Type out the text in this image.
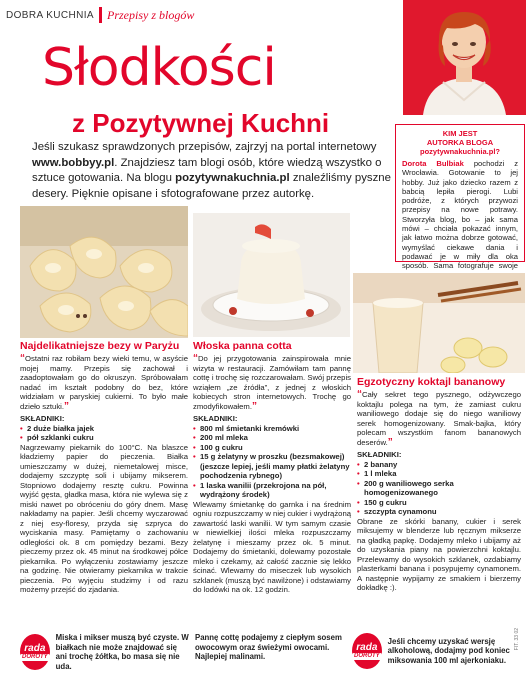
DOBRA KUCHNIA Przepisy z blogów
Słodkości
z Pozytywnej Kuchni
Jeśli szukasz sprawdzonych przepisów, zajrzyj na portal internetowy www.bobbyy.pl. Znajdziesz tam blogi osób, które wiedzą wszystko o sztuce gotowania. Na blogu pozytywnakuchnia.pl znaleźliśmy pyszne desery. Pięknie opisane i sfotografowane przez autorkę.
KIM JEST
AUTORKA BLOGA
pozytywnakuchnia.pl?
Dorota Bulbiak pochodzi z Wrocławia. Gotowanie to jej hobby. Już jako dziecko razem z babcią lepiła pierogi. Lubi podróże, z których przywozi przepisy na nowe potrawy. Stworzyła blog, bo – jak sama mówi – chciała pokazać innym, jak łatwo można dobrze gotować, wymyślać ciekawe dania i podawać je w miły dla oka sposób. Sama fotografuje swoje
Najdelikatniejsze bezy w Paryżu

“Ostatni raz robiłam bezy wieki temu, w asyście mojej mamy. Przepis się zachował i zaadoptowałam go do okruszyn. Spróbowałam nadać im kształt podobny do bez, które widziałam w paryskiej cukierni. To było małe dzieło sztuki.”

SKŁADNIKI:
• 2 duże białka jajek
• pół szklanki cukru

Nagrzewamy piekarnik do 100°C. Na blaszce kładziemy papier do pieczenia. Białka umieszczamy w dużej, niemetalowej misce, dodajemy szczyptę soli i ubijamy mikserem. Stopniowo dodajemy resztę cukru. Powinna wyjść gęsta, gładka masa, która nie wylewa się z miski nawet po obróceniu do góry dnem. Masę nakładamy na papier. Jeśli chcemy wyczarować z niej esy-floresy, przyda się szpryca do wyciskania masy. Pamiętamy o zachowaniu odległości ok. 8 cm pomiędzy bezami. Bezy pieczemy przez ok. 45 minut na środkowej półce piekarnika. Po wyłączeniu zostawiamy jeszcze na godzinę. Nie otwieramy piekarnika w trakcie pieczenia. Po wyjęciu studzimy i od razu możemy przejść do zjadania.

Włoska panna cotta

“Do jej przygotowania zainspirowała mnie wizyta w restauracji. Zamówiłam tam pannę cottę i trochę się rozczarowałam. Swój przepis wziąłem „ze źródła”, z jednej z włoskich kobiecych stron internetowych. Trochę go zmodyfikowałem.”

SKŁADNIKI:
• 800 ml śmietanki kremówki
• 200 ml mleka
• 100 g cukru
• 15 g żelatyny w proszku (bezsmakowej) (jeszcze lepiej, jeśli mamy płatki żelatyny pochodzenia rybnego)
• 1 laska wanilii (przekrojona na pół, wydrążony środek)

Wlewamy śmietankę do garnka i na średnim ogniu rozpuszczamy w niej cukier i wydrążoną zawartość laski wanilii. W tym samym czasie w niewielkiej ilości mleka rozpuszczamy żelatynę i mieszamy przez ok. 5 minut. Dodajemy do śmietanki, dolewamy pozostałe mleko i czekamy, aż całość zacznie się lekko ścinać. Wlewamy do miseczek lub wysokich szklanek (muszą być nawilżone) i odstawiamy do lodówki na ok. 12 godzin.

Egzotyczny koktajl bananowy

“Cały sekret tego pysznego, odżywczego koktajlu polega na tym, że zamiast cukru waniliowego dodaje się do niego waniliowy serek homogenizowany. Smak-bajka, który polecam wszystkim fanom bananowych deserów.”

SKŁADNIKI:
• 2 banany
• 1 l mleka
• 200 g waniliowego serka homogenizowanego
• 150 g cukru
• szczypta cynamonu

Obrane ze skórki banany, cukier i serek miksujemy w blenderze lub ręcznym mikserze na gładką papkę. Dodajemy mleko i ubijamy aż do uzyskania piany na powierzchni koktajlu. Przelewamy do wysokich szklanek, ozdabiamy plasterkami banana i posypujemy cynamonem. A następnie wypijamy ze smakiem i bierzemy dokładkę :).

rada
DOROTY
Miska i mikser muszą być czyste. W białkach nie może znajdować się ani trochę żółtka, bo masa się nie uda.
Pannę cottę podajemy z ciepłym sosem owocowym oraz świeżymi owocami. Najlepiej malinami.
rada
DOROTY
Jeśli chcemy uzyskać wersję alkoholową, dodajmy pod koniec miksowania 100 ml ajerkoniaku.
FIT. 33 02
